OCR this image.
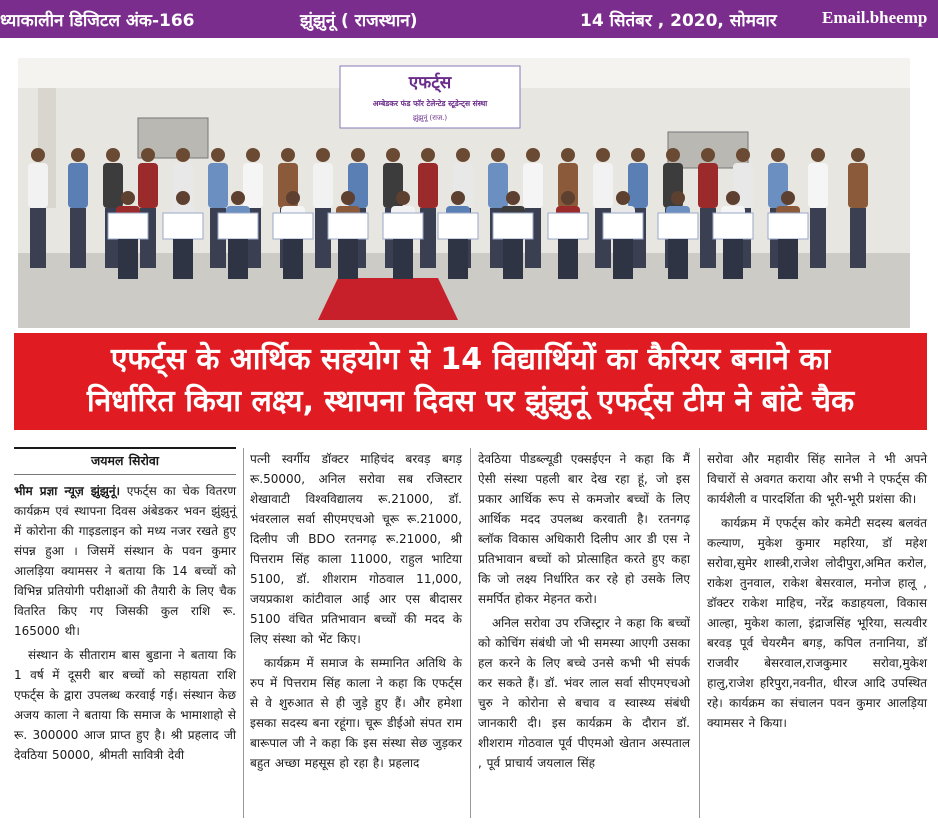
ध्याकालीन डिजिटल अंक-166	झुंझुनूं ( राजस्थान)	14 सितंबर , 2020, सोमवार	Email.bheemp
एफर्ट्स
अम्बेडकर फंड फॉर टेलेन्टेड स्टूडेन्ट्स संस्था
झुंझुनूं (राज.)
एफर्ट्स के आर्थिक सहयोग से 14 विद्यार्थियों का कैरियर बनाने का
निर्धारित किया लक्ष्य, स्थापना दिवस पर झुंझुनूं एफर्ट्स टीम ने बांटे चैक
जयमल सिरोवा

भीम प्रज्ञा न्यूज़ झुंझुनूं। एफर्ट्स का चेक वितरण कार्यक्रम एवं स्थापना दिवस अंबेडकर भवन झुंझुनूं में कोरोना की गाइडलाइन को मध्य नजर रखते हुए संपन्न हुआ । जिसमें संस्थान के पवन कुमार आलड़िया क्यामसर ने बताया कि 14 बच्चों को विभिन्न प्रतियोगी परीक्षाओं की तैयारी के लिए चैक वितरित किए गए जिसकी कुल राशि रू. 165000 थी।

संस्थान के सीताराम बास बुडाना ने बताया कि 1 वर्ष में दूसरी बार बच्चों को सहायता राशि एफर्ट्स के द्वारा उपलब्ध करवाई गई। संस्थान केछ अजय काला ने बताया कि समाज के भामाशाहो से रू. 300000 आज प्राप्त हुए है। श्री प्रहलाद जी देवठिया 50000, श्रीमती सावित्री देवी

पत्नी स्वर्गीय डॉक्टर माहिचंद बरवड़ बगड़ रू.50000, अनिल सरोवा सब रजिस्टार शेखावाटी विश्वविद्यालय रू.21000, डॉ. भंवरलाल सर्वा सीएमएचओ चूरू रू.21000, दिलीप जी BDO रतनगढ़ रू.21000, श्री पित्तराम सिंह काला 11000, राहुल भाटिया 5100, डॉ. शीशराम गोठवाल 11,000, जयप्रकाश कांटीवाल आई आर एस बीदासर 5100 वंचित प्रतिभावान बच्चों की मदद के लिए संस्था को भेंट किए।

कार्यक्रम में समाज के सम्मानित अतिथि के रुप में पित्तराम सिंह काला ने कहा कि एफर्ट्स से वे शुरुआत से ही जुड़े हुए हैं। और हमेशा इसका सदस्य बना रहूंगा। चूरू डीईओ संपत राम बारूपाल जी ने कहा कि इस संस्था सेछ जुड़कर बहुत अच्छा महसूस हो रहा है। प्रहलाद

देवठिया पीडब्ल्यूडी एक्सईएन ने कहा कि मैं ऐसी संस्था पहली बार देख रहा हूं, जो इस प्रकार आर्थिक रूप से कमजोर बच्चों के लिए आर्थिक मदद उपलब्ध करवाती है। रतनगढ़ ब्लॉक विकास अधिकारी दिलीप आर डी एस ने प्रतिभावान बच्चों को प्रोत्साहित करते हुए कहा कि जो लक्ष्य निर्धारित कर रहे हो उसके लिए समर्पित होकर मेहनत करो।

अनिल सरोवा उप रजिस्ट्रार ने कहा कि बच्चों को कोचिंग संबंधी जो भी समस्या आएगी उसका हल करने के लिए बच्चे उनसे कभी भी संपर्क कर सकते हैं। डॉ. भंवर लाल सर्वा सीएमएचओ चुरु ने कोरोना से बचाव व स्वास्थ्य संबंधी जानकारी दी। इस कार्यक्रम के दौरान डॉ. शीशराम गोठवाल पूर्व पीएमओ खेतान अस्पताल , पूर्व प्राचार्य जयलाल सिंह

सरोवा और महावीर सिंह सानेल ने भी अपने विचारों से अवगत कराया और सभी ने एफर्ट्स की कार्यशैली व पारदर्शिता की भूरी-भूरी प्रशंसा की।

कार्यक्रम में एफर्ट्स कोर कमेटी सदस्य बलवंत कल्याण, मुकेश कुमार महरिया, डॉ महेश सरोवा,सुमेर शास्त्री,राजेश लोदीपुरा,अमित करोल, राकेश तुनवाल, राकेश बेसरवाल, मनोज हालू , डॉक्टर राकेश माहिच, नरेंद्र कडाहयला, विकास आल्हा, मुकेश काला, इंद्राजसिंह भूरिया, सत्यवीर बरवड़ पूर्व चेयरमैन बगड़, कपिल तनानिया, डॉ राजवीर बेसरवाल,राजकुमार सरोवा,मुकेश हालु,राजेश हरिपुरा,नवनीत, धीरज आदि उपस्थित रहे। कार्यक्रम का संचालन पवन कुमार आलड़िया क्यामसर ने किया।
